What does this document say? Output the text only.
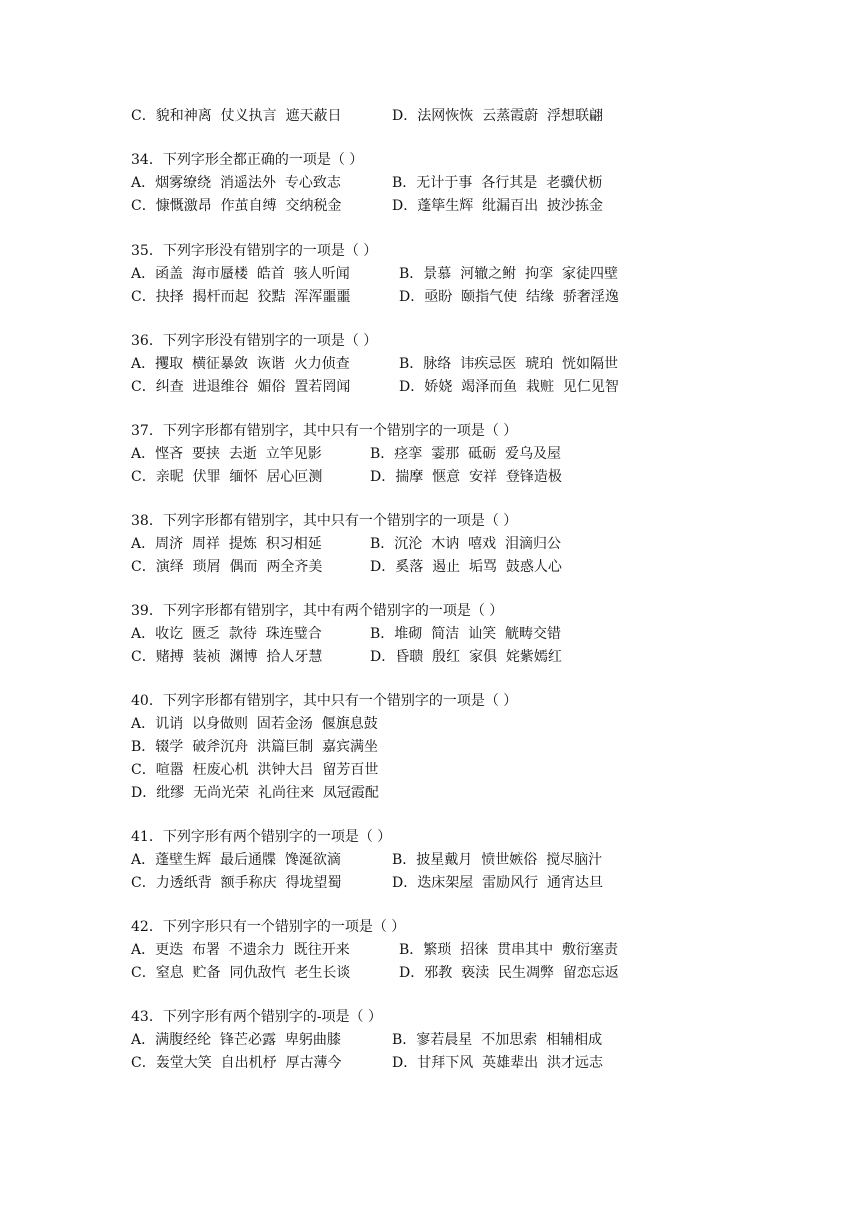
C．貌和神离  仗义执言  遮天蔽日	D．法网恢恢  云蒸霞蔚  浮想联翩
34．下列字形全都正确的一项是（ ）
A．烟雾缭绕  消遥法外  专心致志	B．无计于事  各行其是  老骥伏枥
C．慷慨激昂  作茧自缚  交纳税金	D．蓬筚生辉  纰漏百出  披沙拣金
35．下列字形没有错别字的一项是（ ）
A．函盖  海市蜃楼  皓首  骇人听闻	B．景慕  河辙之鲋  拘挛  家徒四壁
C．抉择  揭杆而起  狡黠  浑浑噩噩	D．亟盼  颐指气使  结缘  骄奢淫逸
36．下列字形没有错别字的一项是（ ）
A．攫取  横征暴敛  诙谐  火力侦查	B．脉络  讳疾忌医  琥珀  恍如隔世
C．纠查  进退维谷  媚俗  置若罔闻	D．娇娆  竭泽而鱼  栽赃  见仁见智
37．下列字形都有错别字，其中只有一个错别字的一项是（ ）
A．悭吝  要挟  去逝  立竿见影	B．痉挛  霎那  砥砺  爱乌及屋
C．亲昵  伏罪  缅怀  居心叵测	D．揣摩  惬意  安祥  登锋造极
38．下列字形都有错别字，其中只有一个错别字的一项是（ ）
A．周济  周祥  提炼  积习相延	B．沉沦  木讷  嘻戏  泪滴归公
C．演绎  琐屑  偶而  两全齐美	D．奚落  遏止  垢骂  鼓惑人心
39．下列字形都有错别字，其中有两个错别字的一项是（ ）
A．收讫  匮乏  款待  珠连璧合	B．堆砌  简洁  讪笑  觥畴交错
C．赌搏  装祯  渊博  拾人牙慧	D．昏聩  殷红  家俱  姹紫嫣红
40．下列字形都有错别字，其中只有一个错别字的一项是（ ）
A．讥诮  以身做则  固若金汤  偃旗息鼓
B．辍学  破斧沉舟  洪篇巨制  嘉宾满坐
C．喧嚣  枉废心机  洪钟大吕  留芳百世
D．纰缪  无尚光荣  礼尚往来  凤冠霞配
41．下列字形有两个错别字的一项是（ ）
A．蓬壁生辉  最后通牒  馋涎欲滴	B．披星戴月  愤世嫉俗  搅尽脑汁
C．力透纸背  额手称庆  得垅望蜀	D．迭床架屋  雷励风行  通宵达旦
42．下列字形只有一个错别字的一项是（ ）
A．更迭  布署  不遗余力  既往开来	B．繁琐  招徕  贯串其中  敷衍塞责
C．窒息  贮备  同仇敌忾  老生长谈	D．邪教  亵渎  民生凋弊  留恋忘返
43．下列字形有两个错别字的-项是（ ）
A．满腹经纶  锋芒必露  卑躬曲膝	B．寥若晨星  不加思索  相辅相成
C．轰堂大笑  自出机杼  厚古薄今	D．甘拜下风  英雄辈出  洪才远志
